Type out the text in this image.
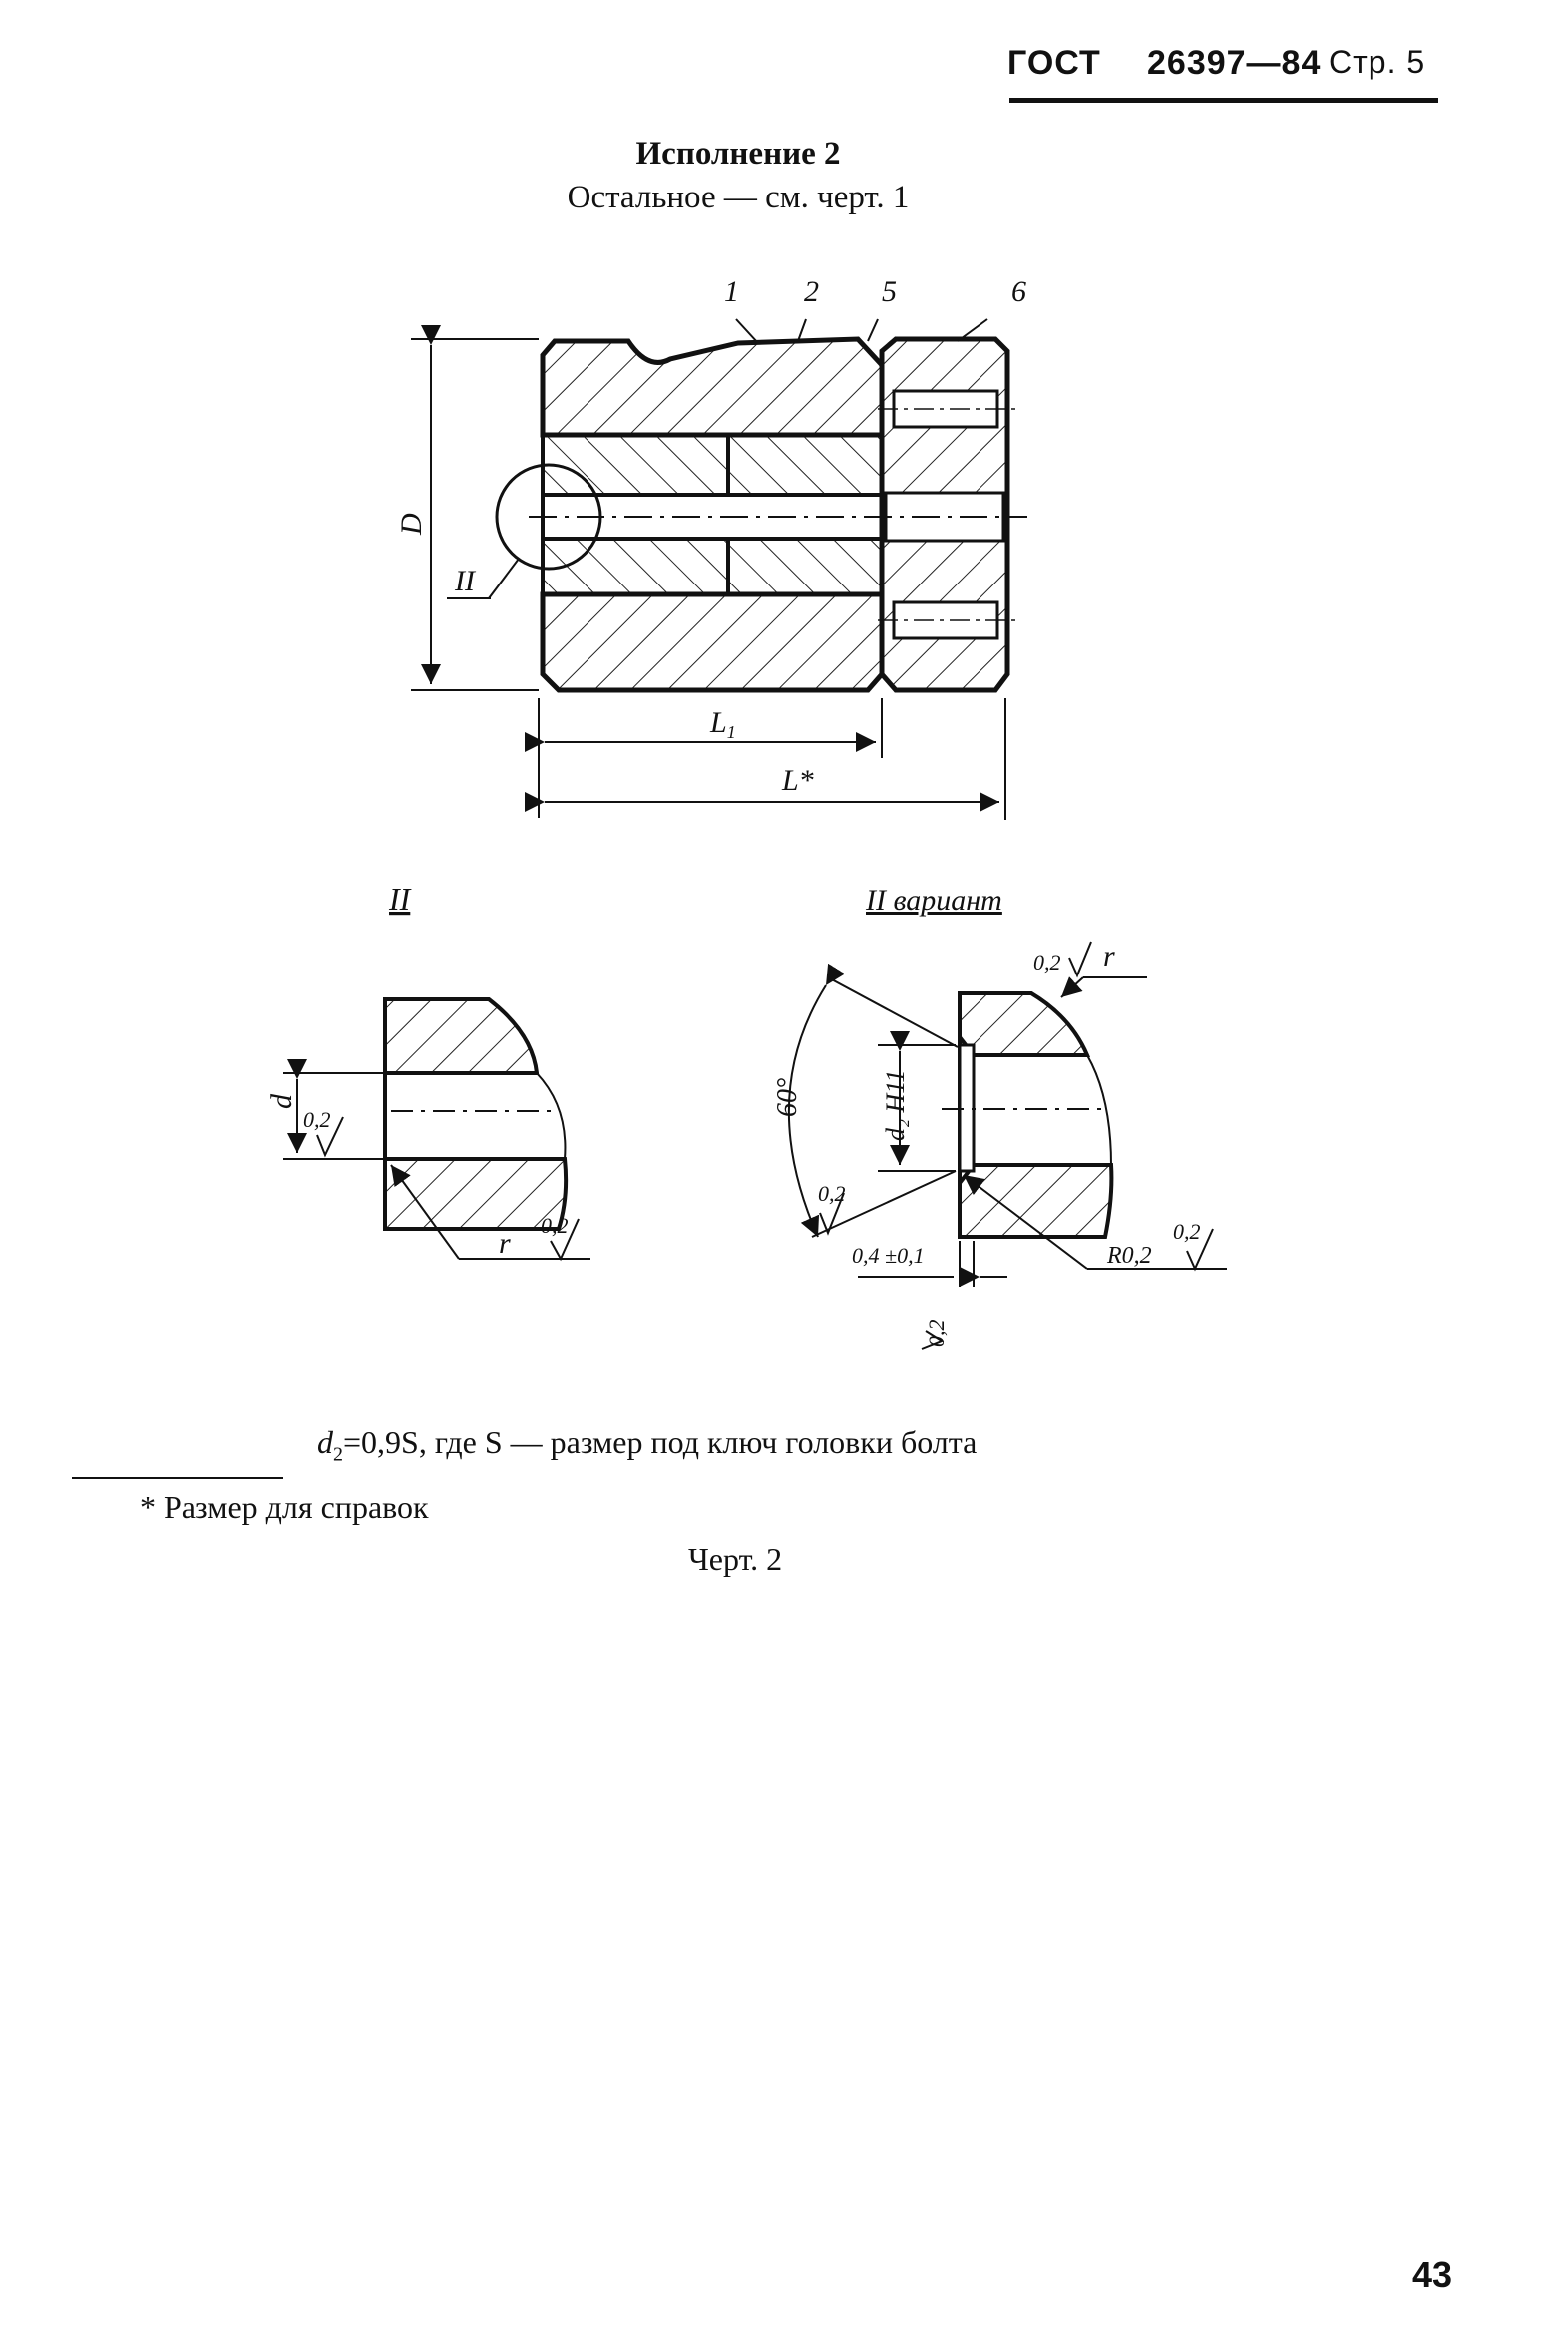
ГОСТ 26397—84 Стр. 5
Исполнение 2
Остальное — см. черт. 1
1 2 5	6
D
II
$L_1$
L*
II
d
0,2
r
0,2
II вариант
0,2 r
60°	d₂ H11
0,2
0,4 ±0,1	R0,2
0,2
0,2
$d_2=0,9S$, где S — размер под ключ головки болта
* Размер для справок
Черт. 2
43
